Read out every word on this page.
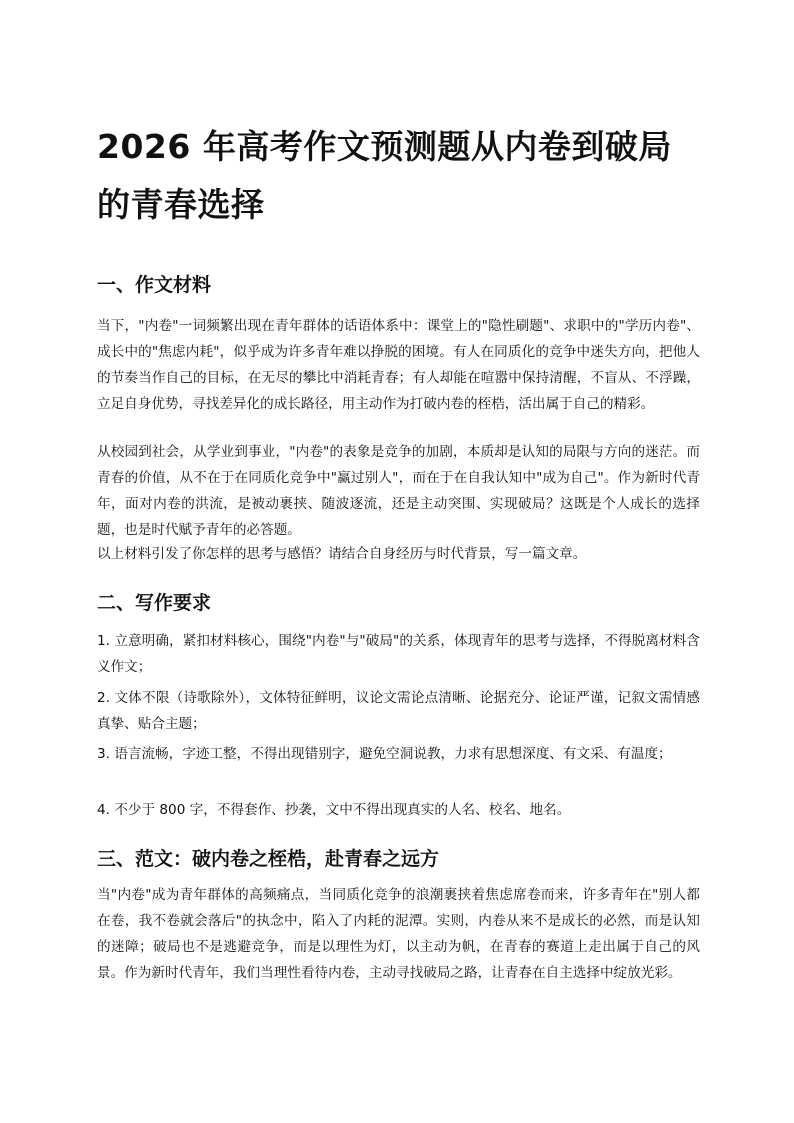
2026 年高考作文预测题从内卷到破局的青春选择
一、作文材料

当下，"内卷"一词频繁出现在青年群体的话语体系中：课堂上的"隐性刷题"、求职中的"学历内卷"、成长中的"焦虑内耗"，似乎成为许多青年难以挣脱的困境。有人在同质化的竞争中迷失方向，把他人的节奏当作自己的目标，在无尽的攀比中消耗青春；有人却能在喧嚣中保持清醒，不盲从、不浮躁，立足自身优势，寻找差异化的成长路径，用主动作为打破内卷的桎梏，活出属于自己的精彩。

从校园到社会，从学业到事业，"内卷"的表象是竞争的加剧，本质却是认知的局限与方向的迷茫。而青春的价值，从不在于在同质化竞争中"赢过别人"，而在于在自我认知中"成为自己"。作为新时代青年，面对内卷的洪流，是被动裹挟、随波逐流，还是主动突围、实现破局？这既是个人成长的选择题，也是时代赋予青年的必答题。

以上材料引发了你怎样的思考与感悟？请结合自身经历与时代背景，写一篇文章。

二、写作要求

1. 立意明确，紧扣材料核心，围绕"内卷"与"破局"的关系，体现青年的思考与选择，不得脱离材料含义作文；

2. 文体不限（诗歌除外），文体特征鲜明，议论文需论点清晰、论据充分、论证严谨，记叙文需情感真挚、贴合主题；

3. 语言流畅，字迹工整，不得出现错别字，避免空洞说教，力求有思想深度、有文采、有温度；

4. 不少于 800 字，不得套作、抄袭，文中不得出现真实的人名、校名、地名。

三、范文：破内卷之桎梏，赴青春之远方

当"内卷"成为青年群体的高频痛点，当同质化竞争的浪潮裹挟着焦虑席卷而来，许多青年在"别人都在卷，我不卷就会落后"的执念中，陷入了内耗的泥潭。实则，内卷从来不是成长的必然，而是认知的迷障；破局也不是逃避竞争，而是以理性为灯，以主动为帆，在青春的赛道上走出属于自己的风景。作为新时代青年，我们当理性看待内卷，主动寻找破局之路，让青春在自主选择中绽放光彩。
